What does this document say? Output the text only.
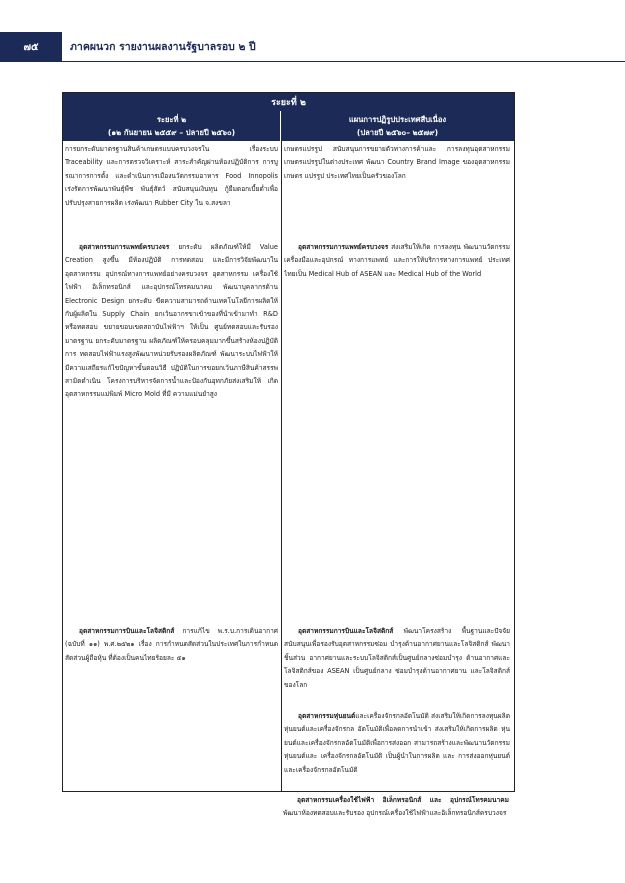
๗๕	ภาคผนวก รายงานผลงานรัฐบาลรอบ ๒ ปี
ระยะที่ ๒
ระยะที่ ๒
(๑๒ กันยายน ๒๕๕๙ – ปลายปี ๒๕๖๐)
แผนการปฏิรูปประเทศสืบเนื่อง
(ปลายปี ๒๕๖๐– ๒๕๗๙)

การยกระดับมาตรฐานสินค้าเกษตรแบบครบวงจรใน เรื่องระบบ Traceability และการตรวจวิเคราะห์ สาระสำคัญผ่านห้องปฏิบัติการ การบูรณาการการตั้ง และดำเนินการเมืองนวัตกรรมอาหาร Food Innopolis เร่งรัดการพัฒนาพันธุ์พืช พันธุ์สัตว์ สนับสนุนเงินทุน กู้ยืมดอกเบี้ยต่ำเพื่อปรับปรุงสายการผลิต เร่งพัฒนา Rubber City ใน จ.สงขลา

อุตสาหกรรมการแพทย์ครบวงจร ยกระดับ ผลิตภัณฑ์ให้มี Value Creation สูงขึ้น มีห้องปฏิบัติ การทดสอบ และมีการวิจัยพัฒนาในอุตสาหกรรม อุปกรณ์ทางการแพทย์อย่างครบวงจร อุตสาหกรรม เครื่องใช้ไฟฟ้า อิเล็กทรอนิกส์ และอุปกรณ์โทรคมนาคม พัฒนาบุคลากรด้าน Electronic Design ยกระดับ ขีดความสามารถด้านเทคโนโลยีการผลิตให้กับผู้ผลิตใน Supply Chain ยกเว้นอากรขาเข้าของที่นำเข้ามาทำ R&D หรือทดสอบ ขยายขอบเขตสถาบันไฟฟ้าฯ ให้เป็น ศูนย์ทดสอบและรับรองมาตรฐาน ยกระดับมาตรฐาน ผลิตภัณฑ์ให้ครอบคลุมมากขึ้นสร้างห้องปฏิบัติการ ทดสอบไฟฟ้าแรงสูงพัฒนาหน่วยรับรองผลิตภัณฑ์ พัฒนาระบบไฟฟ้าให้มีความเสถียรแก้ไขปัญหาขั้นตอนวิธี ปฏิบัติในการขอยกเว้นภาษีสินค้าสรรพสามิตดำเนิน โครงการบริหารจัดการน้ำและป้องกันอุทกภัยส่งเสริมให้ เกิดอุตสาหกรรมแม่พิมพ์ Micro Mold ที่มี ความแม่นยำสูง

อุตสาหกรรมการบินและโลจิสติกส์ การแก้ไข พ.ร.บ.การเดินอากาศ (ฉบับที่ ๑๑) พ.ศ.๒๕๒๑ เรื่อง การกำหนดสัดส่วนในประเทศในการกำหนดสัดส่วนผู้ถือหุ้น ที่ต้องเป็นคนไทยร้อยละ ๕๑

เกษตรแปรรูป สนับสนุนการขยายตัวทางการค้าและ การลงทุนอุตสาหกรรมเกษตรแปรรูปในต่างประเทศ พัฒนา Country Brand Image ของอุตสาหกรรมเกษตร แปรรูป ประเทศไทยเป็นครัวของโลก

อุตสาหกรรมการแพทย์ครบวงจร ส่งเสริมให้เกิด การลงทุน พัฒนานวัตกรรมเครื่องมือและอุปกรณ์ ทางการแพทย์ และการให้บริการทางการแพทย์ ประเทศ ไทยเป็น Medical Hub of ASEAN และ Medical Hub of the World

อุตสาหกรรมการบินและโลจิสติกส์ พัฒนาโครงสร้าง พื้นฐานและปัจจัยสนับสนุนเพื่อรองรับอุตสาหกรรมซ่อม บำรุงด้านอากาศยานและโลจิสติกส์ พัฒนาชิ้นส่วน อากาศยานและระบบโลจิสติกส์เป็นศูนย์กลางซ่อมบำรุง ด้านอากาศและโลจิสติกส์ของ ASEAN เป็นศูนย์กลาง ซ่อมบำรุงด้านอากาศยาน และโลจิสติกส์ของโลก

อุตสาหกรรมหุ่นยนต์และเครื่องจักรกลอัตโนมัติ ส่งเสริมให้เกิดการลงทุนผลิตหุ่นยนต์และเครื่องจักรกล อัตโนมัติเพื่อลดการนำเข้า ส่งเสริมให้เกิดการผลิต หุ่นยนต์และเครื่องจักรกลอัตโนมัติเพื่อการส่งออก สามารถสร้างและพัฒนานวัตกรรมหุ่นยนต์และ เครื่องจักรกลอัตโนมัติ เป็นผู้นำในการผลิต และ การส่งออกหุ่นยนต์และเครื่องจักรกลอัตโนมัติ

อุตสาหกรรมเครื่องใช้ไฟฟ้า อิเล็กทรอนิกส์ และ อุปกรณ์โทรคมนาคม พัฒนาห้องทดสอบและรับรอง อุปกรณ์เครื่องใช้ไฟฟ้าและอิเล็กทรอนิกส์ครบวงจร
